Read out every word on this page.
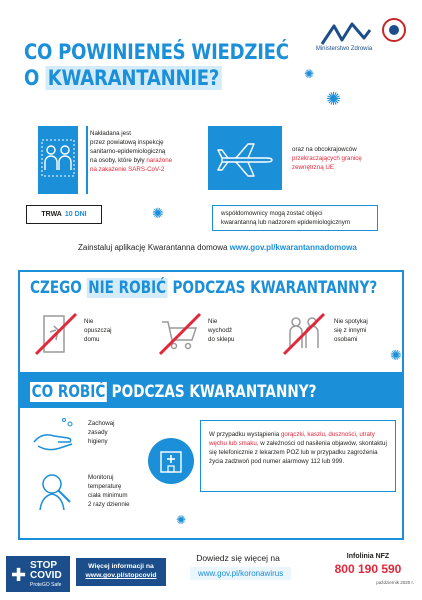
CO POWINIENEŚ WIEDZIEĆ
O KWARANTANNIE?
Ministerstwo Zdrowia
✺
✺
✺
✺
✺
Nakładana jest
przez powiatową inspekcję
sanitarno-epidemiologiczną
na osoby, które były narażone
na zakażenie SARS-CoV-2
oraz na obcokrajowców
przekraczających granicę
zewnętrzną UE
TRWA 10 DNI	współdomownicy mogą zostać objęci
kwarantanną lub nadzorem epidemiologicznym
Zainstaluj aplikację Kwarantanna domowa www.gov.pl/kwarantannadomowa
CZEGO NIE ROBIĆ PODCZAS KWARANTANNY?
Nie
opuszczaj
domu
Nie
wychodź
do sklepu
Nie spotykaj
się z innymi
osobami
CO ROBIĆ PODCZAS KWARANTANNY?
Zachowaj
zasady
higieny
Monitoruj
temperaturę
ciała minimum
2 razy dziennie
W przypadku wystąpienia gorączki, kaszlu, duszności, utraty węchu lub smaku, w zależności od nasilenia objawów, skontaktuj się telefonicznie z lekarzem POZ lub w przypadku zagrożenia życia zadzwoń pod numer alarmowy 112 lub 999.
✚ STOP
COVID
ProteGO Safe
Więcej informacji na
www.gov.pl/stopcovid
Dowiedz się więcej na
www.gov.pl/koronawirus
Infolinia NFZ
800 190 590
październik 2020 r.
